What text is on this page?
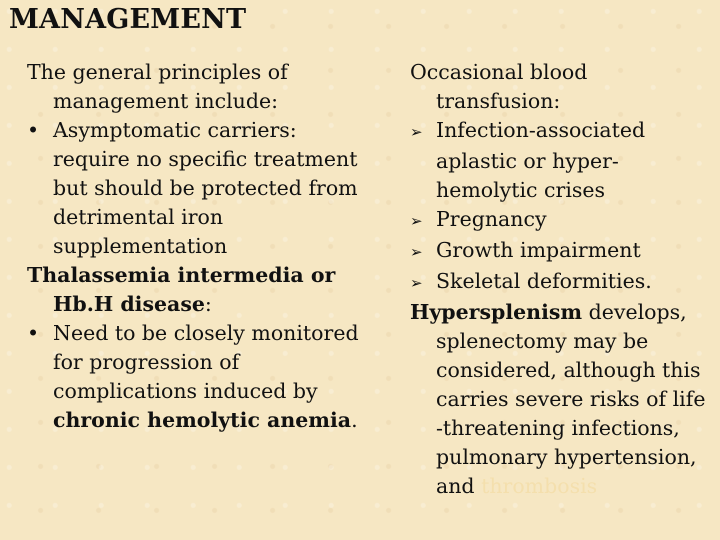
MANAGEMENT

The general principles of management include:

• Asymptomatic carriers: require no specific treatment but should be protected from detrimental iron supplementation

Thalassemia intermedia or Hb.H disease:

• Need to be closely monitored for progression of complications induced by chronic hemolytic anemia.

Occasional blood transfusion:

➢ Infection-associated aplastic or hyper-hemolytic crises

➢ Pregnancy

➢ Growth impairment

➢ Skeletal deformities.

Hypersplenism develops, splenectomy may be considered, although this carries severe risks of life -threatening infections, pulmonary hypertension, and thrombosis
